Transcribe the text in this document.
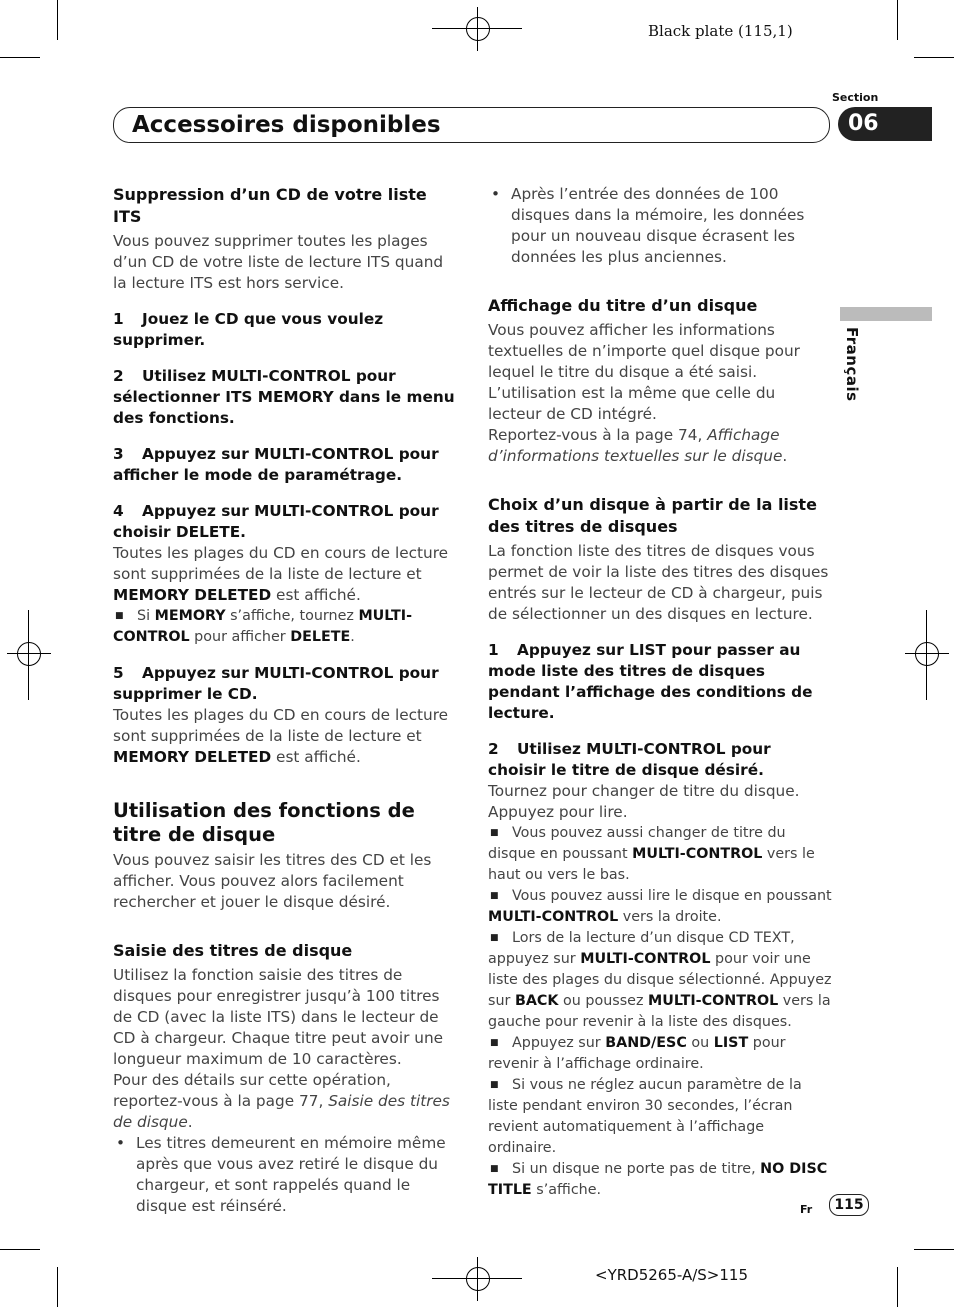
Black plate (115,1)
Accessoires disponibles
Section
06
Français

Suppression d’un CD de votre liste ITS

Vous pouvez supprimer toutes les plages d’un CD de votre liste de lecture ITS quand la lecture ITS est hors service.

1 Jouez le CD que vous voulez supprimer.

2 Utilisez MULTI-CONTROL pour sélectionner ITS MEMORY dans le menu des fonctions.

3 Appuyez sur MULTI-CONTROL pour afficher le mode de paramétrage.

4 Appuyez sur MULTI-CONTROL pour choisir DELETE.

Toutes les plages du CD en cours de lecture sont supprimées de la liste de lecture et MEMORY DELETED est affiché.

■ Si MEMORY s’affiche, tournez MULTI-CONTROL pour afficher DELETE.

5 Appuyez sur MULTI-CONTROL pour supprimer le CD.

Toutes les plages du CD en cours de lecture sont supprimées de la liste de lecture et MEMORY DELETED est affiché.

Utilisation des fonctions de titre de disque

Vous pouvez saisir les titres des CD et les afficher. Vous pouvez alors facilement rechercher et jouer le disque désiré.

Saisie des titres de disque

Utilisez la fonction saisie des titres de disques pour enregistrer jusqu’à 100 titres de CD (avec la liste ITS) dans le lecteur de CD à chargeur. Chaque titre peut avoir une longueur maximum de 10 caractères.

Pour des détails sur cette opération, reportez-vous à la page 77, Saisie des titres de disque.

• Les titres demeurent en mémoire même après que vous avez retiré le disque du chargeur, et sont rappelés quand le disque est réinséré.

• Après l’entrée des données de 100 disques dans la mémoire, les données pour un nouveau disque écrasent les données les plus anciennes.

Affichage du titre d’un disque

Vous pouvez afficher les informations textuelles de n’importe quel disque pour lequel le titre du disque a été saisi.

L’utilisation est la même que celle du lecteur de CD intégré.

Reportez-vous à la page 74, Affichage d’informations textuelles sur le disque.

Choix d’un disque à partir de la liste des titres de disques

La fonction liste des titres de disques vous permet de voir la liste des titres des disques entrés sur le lecteur de CD à chargeur, puis de sélectionner un des disques en lecture.

1 Appuyez sur LIST pour passer au mode liste des titres de disques pendant l’affichage des conditions de lecture.

2 Utilisez MULTI-CONTROL pour choisir le titre de disque désiré.

Tournez pour changer de titre du disque. Appuyez pour lire.

■ Vous pouvez aussi changer de titre du disque en poussant MULTI-CONTROL vers le haut ou vers le bas.

■ Vous pouvez aussi lire le disque en poussant MULTI-CONTROL vers la droite.

■ Lors de la lecture d’un disque CD TEXT, appuyez sur MULTI-CONTROL pour voir une liste des plages du disque sélectionné. Appuyez sur BACK ou poussez MULTI-CONTROL vers la gauche pour revenir à la liste des disques.

■ Appuyez sur BAND/ESC ou LIST pour revenir à l’affichage ordinaire.

■ Si vous ne réglez aucun paramètre de la liste pendant environ 30 secondes, l’écran revient automatiquement à l’affichage ordinaire.

■ Si un disque ne porte pas de titre, NO DISC TITLE s’affiche.

Fr	115
<YRD5265-A/S>115
